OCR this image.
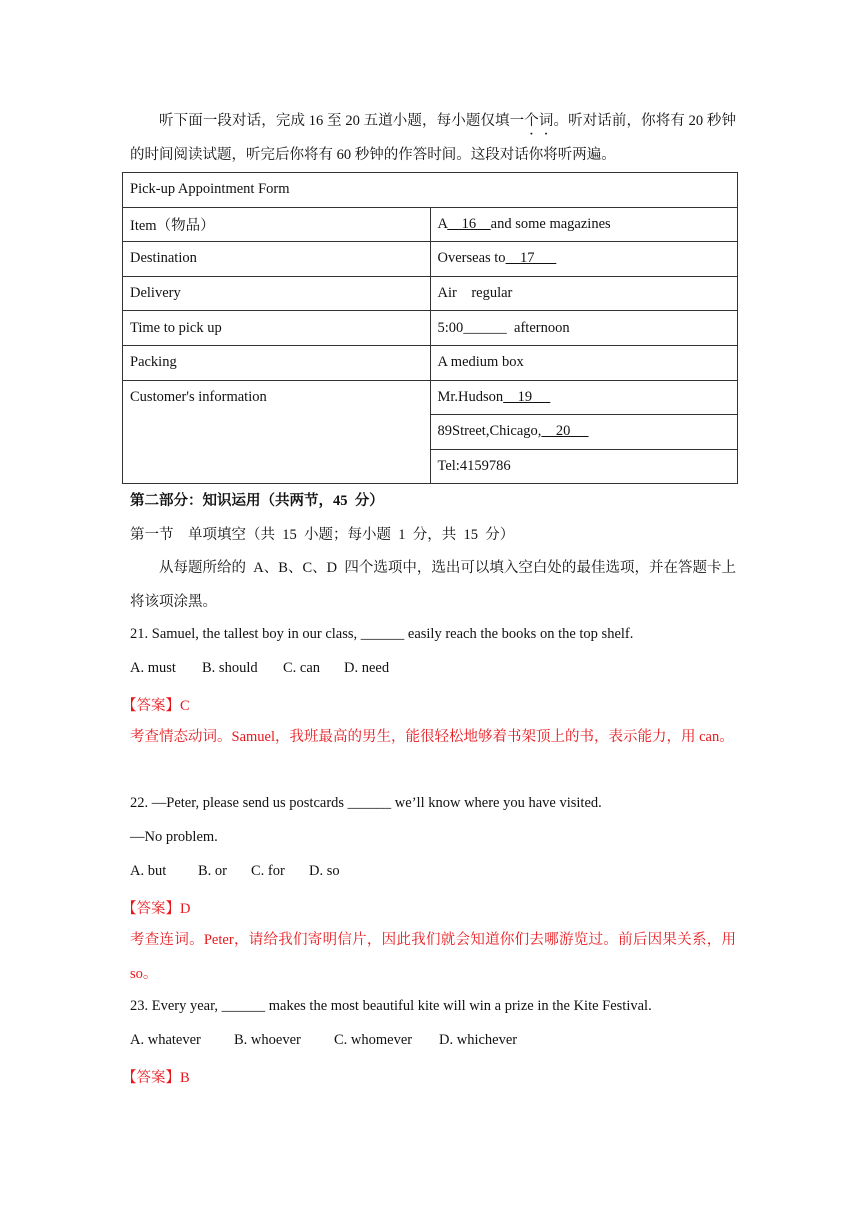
听下面一段对话，完成 16 至 20 五道小题，每小题仅填一个词。听对话前，你将有 20 秒钟的时间阅读试题，听完后你将有 60 秒钟的作答时间。这段对话你将听两遍。

Pick-up Appointment Form	
Item（物品）	A    16    and some magazines
Destination	Overseas to    17
Delivery	Air    regular
Time to pick up	5:00______  afternoon
Packing	A medium box
Customer's information	Mr.Hudson    19
	89Street,Chicago,    20
	Tel:4159786

第二部分：知识运用（共两节，45  分）

第一节    单项填空（共  15  小题；每小题  1  分，共  15  分）

从每题所给的  A、B、C、D  四个选项中，选出可以填入空白处的最佳选项，并在答题卡上将该项涂黑。

21. Samuel, the tallest boy in our class, ______ easily reach the books on the top shelf.

A. must B. should C. can D. need

【答案】C

考查情态动词。Samuel，我班最高的男生，能很轻松地够着书架顶上的书，表示能力，用 can。

22. —Peter, please send us postcards ______ we’ll know where you have visited.

—No problem.

A. but B. or C. for D. so

【答案】D

考查连词。Peter，请给我们寄明信片，因此我们就会知道你们去哪游览过。前后因果关系，用 so。

23. Every year, ______ makes the most beautiful kite will win a prize in the Kite Festival.

A. whatever B. whoever C. whomever D. whichever

【答案】B
